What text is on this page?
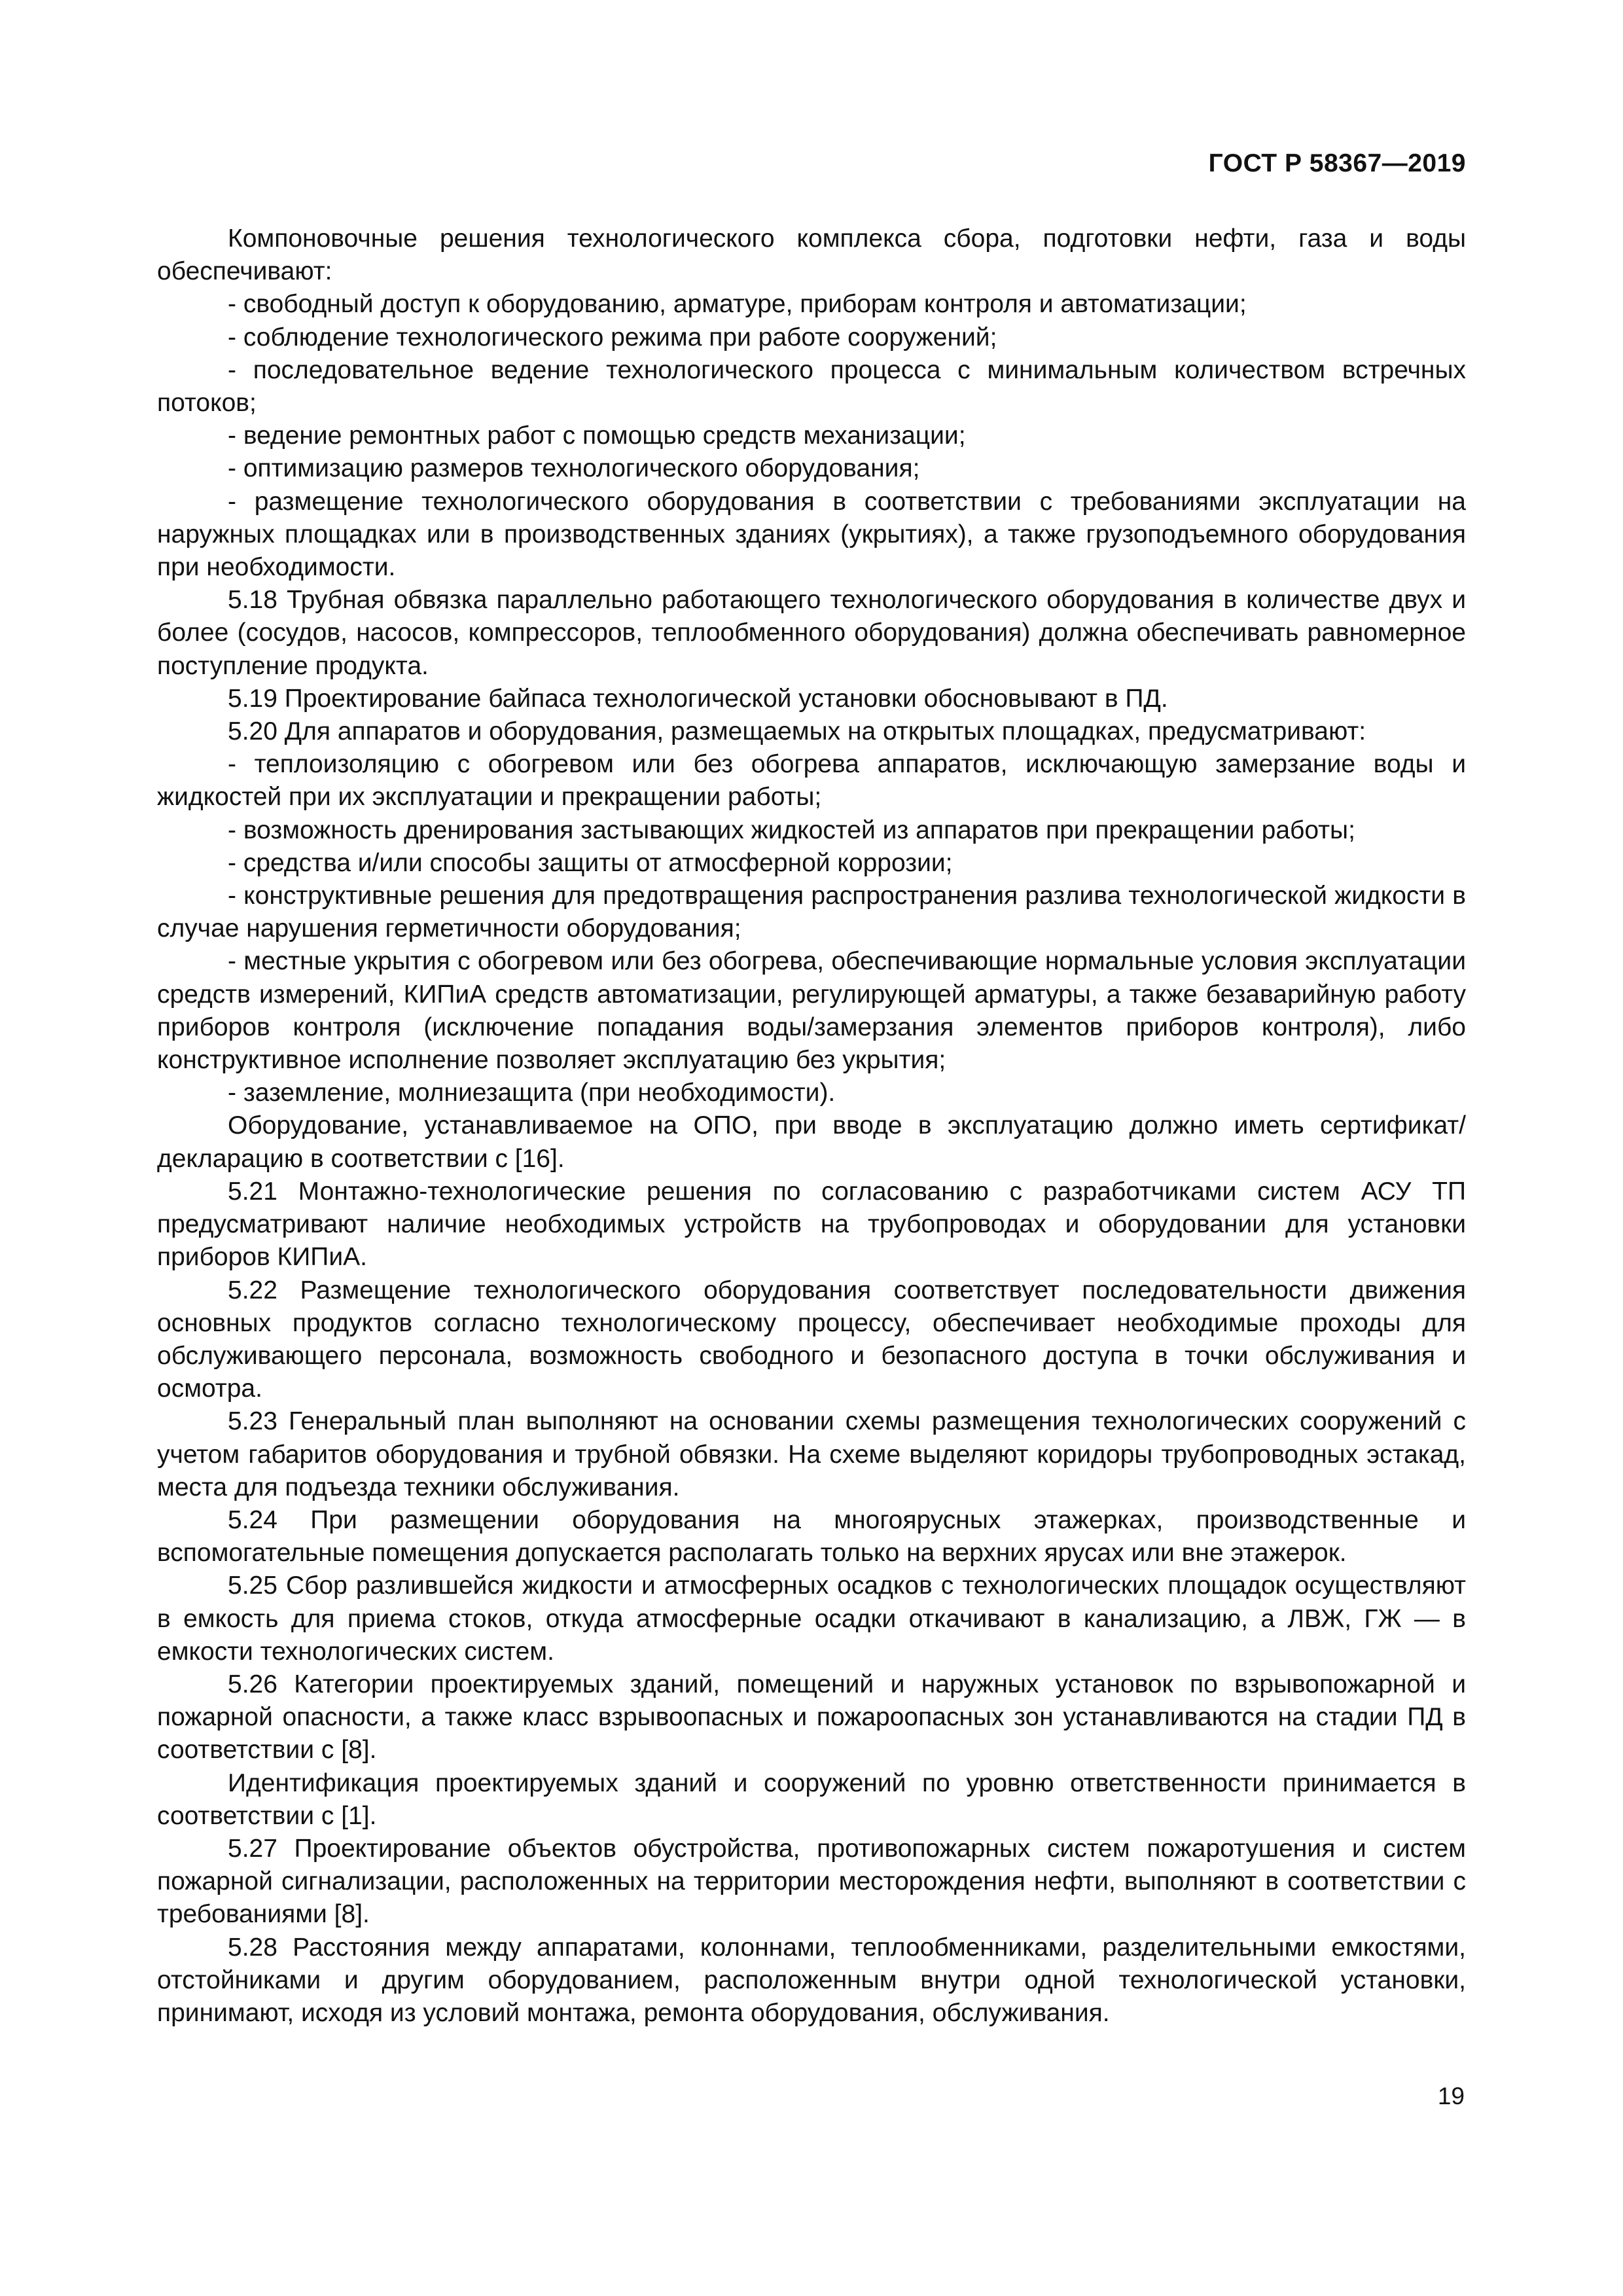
ГОСТ Р 58367—2019

Компоновочные решения технологического комплекса сбора, подготовки нефти, газа и воды обеспечивают:

- свободный доступ к оборудованию, арматуре, приборам контроля и автоматизации;

- соблюдение технологического режима при работе сооружений;

- последовательное ведение технологического процесса с минимальным количеством встречных потоков;

- ведение ремонтных работ с помощью средств механизации;

- оптимизацию размеров технологического оборудования;

- размещение технологического оборудования в соответствии с требованиями эксплуатации на наружных площадках или в производственных зданиях (укрытиях), а также грузоподъемного оборудования при необходимости.

5.18 Трубная обвязка параллельно работающего технологического оборудования в количестве двух и более (сосудов, насосов, компрессоров, теплообменного оборудования) должна обеспечивать равномерное поступление продукта.

5.19 Проектирование байпаса технологической установки обосновывают в ПД.

5.20 Для аппаратов и оборудования, размещаемых на открытых площадках, предусматривают:

- теплоизоляцию с обогревом или без обогрева аппаратов, исключающую замерзание воды и жидкостей при их эксплуатации и прекращении работы;

- возможность дренирования застывающих жидкостей из аппаратов при прекращении работы;

- средства и/или способы защиты от атмосферной коррозии;

- конструктивные решения для предотвращения распространения разлива технологической жидкости в случае нарушения герметичности оборудования;

- местные укрытия с обогревом или без обогрева, обеспечивающие нормальные условия эксплуатации средств измерений, КИПиА средств автоматизации, регулирующей арматуры, а также безаварийную работу приборов контроля (исключение попадания воды/замерзания элементов приборов контроля), либо конструктивное исполнение позволяет эксплуатацию без укрытия;

- заземление, молниезащита (при необходимости).

Оборудование, устанавливаемое на ОПО, при вводе в эксплуатацию должно иметь сертификат/декларацию в соответствии с [16].

5.21 Монтажно-технологические решения по согласованию с разработчиками систем АСУ ТП предусматривают наличие необходимых устройств на трубопроводах и оборудовании для установки приборов КИПиА.

5.22 Размещение технологического оборудования соответствует последовательности движения основных продуктов согласно технологическому процессу, обеспечивает необходимые проходы для обслуживающего персонала, возможность свободного и безопасного доступа в точки обслуживания и осмотра.

5.23 Генеральный план выполняют на основании схемы размещения технологических сооружений с учетом габаритов оборудования и трубной обвязки. На схеме выделяют коридоры трубопроводных эстакад, места для подъезда техники обслуживания.

5.24 При размещении оборудования на многоярусных этажерках, производственные и вспомогательные помещения допускается располагать только на верхних ярусах или вне этажерок.

5.25 Сбор разлившейся жидкости и атмосферных осадков с технологических площадок осуществляют в емкость для приема стоков, откуда атмосферные осадки откачивают в канализацию, а ЛВЖ, ГЖ — в емкости технологических систем.

5.26 Категории проектируемых зданий, помещений и наружных установок по взрывопожарной и пожарной опасности, а также класс взрывоопасных и пожароопасных зон устанавливаются на стадии ПД в соответствии с [8].

Идентификация проектируемых зданий и сооружений по уровню ответственности принимается в соответствии с [1].

5.27 Проектирование объектов обустройства, противопожарных систем пожаротушения и систем пожарной сигнализации, расположенных на территории месторождения нефти, выполняют в соответствии с требованиями [8].

5.28 Расстояния между аппаратами, колоннами, теплообменниками, разделительными емкостями, отстойниками и другим оборудованием, расположенным внутри одной технологической установки, принимают, исходя из условий монтажа, ремонта оборудования, обслуживания.

19
